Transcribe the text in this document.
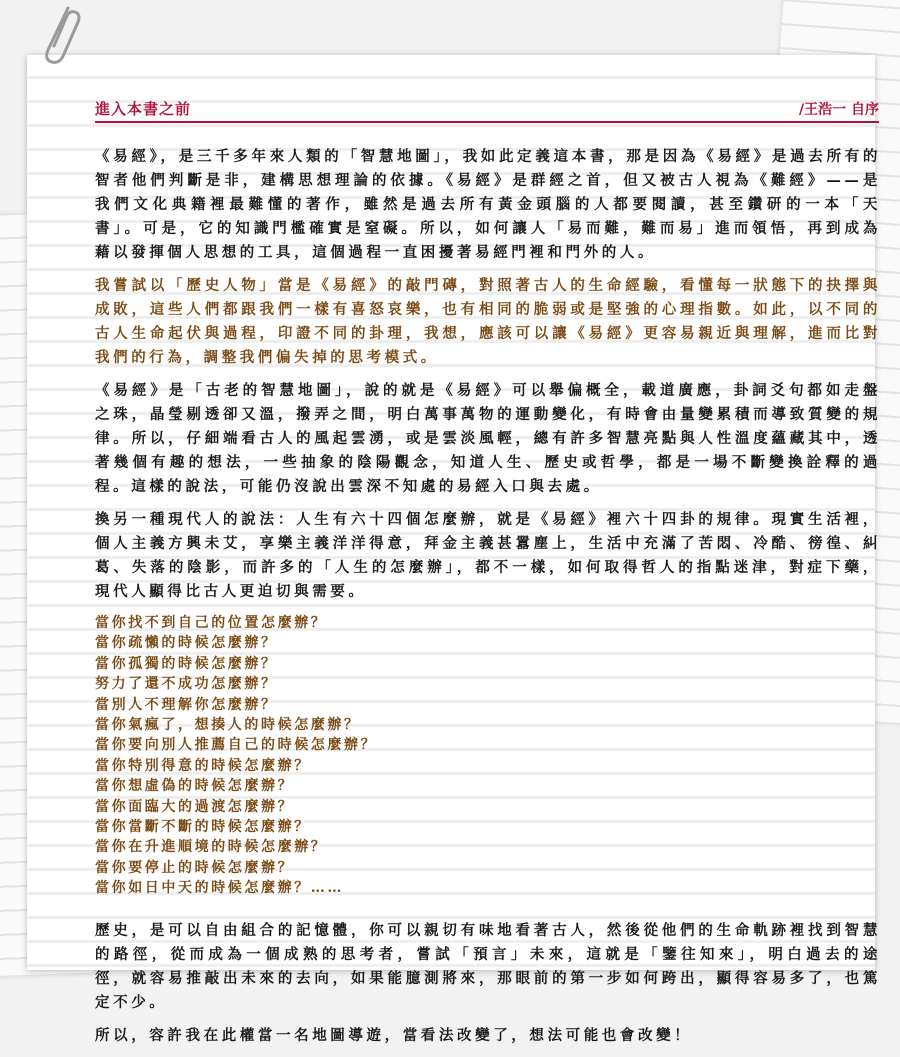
進入本書之前	/王浩一 自序

《易經》，是三千多年來人類的「智慧地圖」，我如此定義這本書，那是因為《易經》是過去所有的智者他們判斷是非，建構思想理論的依據。《易經》是群經之首，但又被古人視為《難經》——是我們文化典籍裡最難懂的著作，雖然是過去所有黃金頭腦的人都要閱讀，甚至鑽研的一本「天書」。可是，它的知識門檻確實是窒礙。所以，如何讓人「易而難，難而易」進而領悟，再到成為藉以發揮個人思想的工具，這個過程一直困擾著易經門裡和門外的人。

我嘗試以「歷史人物」當是《易經》的敲門磚，對照著古人的生命經驗，看懂每一狀態下的抉擇與成敗，這些人們都跟我們一樣有喜怒哀樂，也有相同的脆弱或是堅強的心理指數。如此，以不同的古人生命起伏與過程，印證不同的卦理，我想，應該可以讓《易經》更容易親近與理解，進而比對我們的行為，調整我們偏失掉的思考模式。

《易經》是「古老的智慧地圖」，說的就是《易經》可以舉偏概全，載道廣應，卦詞爻句都如走盤之珠，晶瑩剔透卻又溫，撥弄之間，明白萬事萬物的運動變化，有時會由量變累積而導致質變的規律。所以，仔細端看古人的風起雲湧，或是雲淡風輕，總有許多智慧亮點與人性溫度蘊藏其中，透著幾個有趣的想法，一些抽象的陰陽觀念，知道人生、歷史或哲學，都是一場不斷變換詮釋的過程。這樣的說法，可能仍沒說出雲深不知處的易經入口與去處。

換另一種現代人的說法：人生有六十四個怎麼辦，就是《易經》裡六十四卦的規律。現實生活裡，個人主義方興未艾，享樂主義洋洋得意，拜金主義甚囂塵上，生活中充滿了苦悶、冷酷、徬徨、糾葛、失落的陰影，而許多的「人生的怎麼辦」，都不一樣，如何取得哲人的指點迷津，對症下藥，現代人顯得比古人更迫切與需要。

當你找不到自己的位置怎麼辦？
當你疏懶的時候怎麼辦？
當你孤獨的時候怎麼辦？
努力了還不成功怎麼辦？
當別人不理解你怎麼辦？
當你氣瘋了，想揍人的時候怎麼辦？
當你要向別人推薦自己的時候怎麼辦？
當你特別得意的時候怎麼辦？
當你想虛偽的時候怎麼辦？
當你面臨大的過渡怎麼辦？
當你當斷不斷的時候怎麼辦？
當你在升進順境的時候怎麼辦？
當你要停止的時候怎麼辦？
當你如日中天的時候怎麼辦？……

歷史，是可以自由組合的記憶體，你可以親切有味地看著古人，然後從他們的生命軌跡裡找到智慧的路徑，從而成為一個成熟的思考者，嘗試「預言」未來，這就是「鑒往知來」，明白過去的途徑，就容易推敲出未來的去向，如果能臆測將來，那眼前的第一步如何跨出，顯得容易多了，也篤定不少。

所以，容許我在此權當一名地圖導遊，當看法改變了，想法可能也會改變！
